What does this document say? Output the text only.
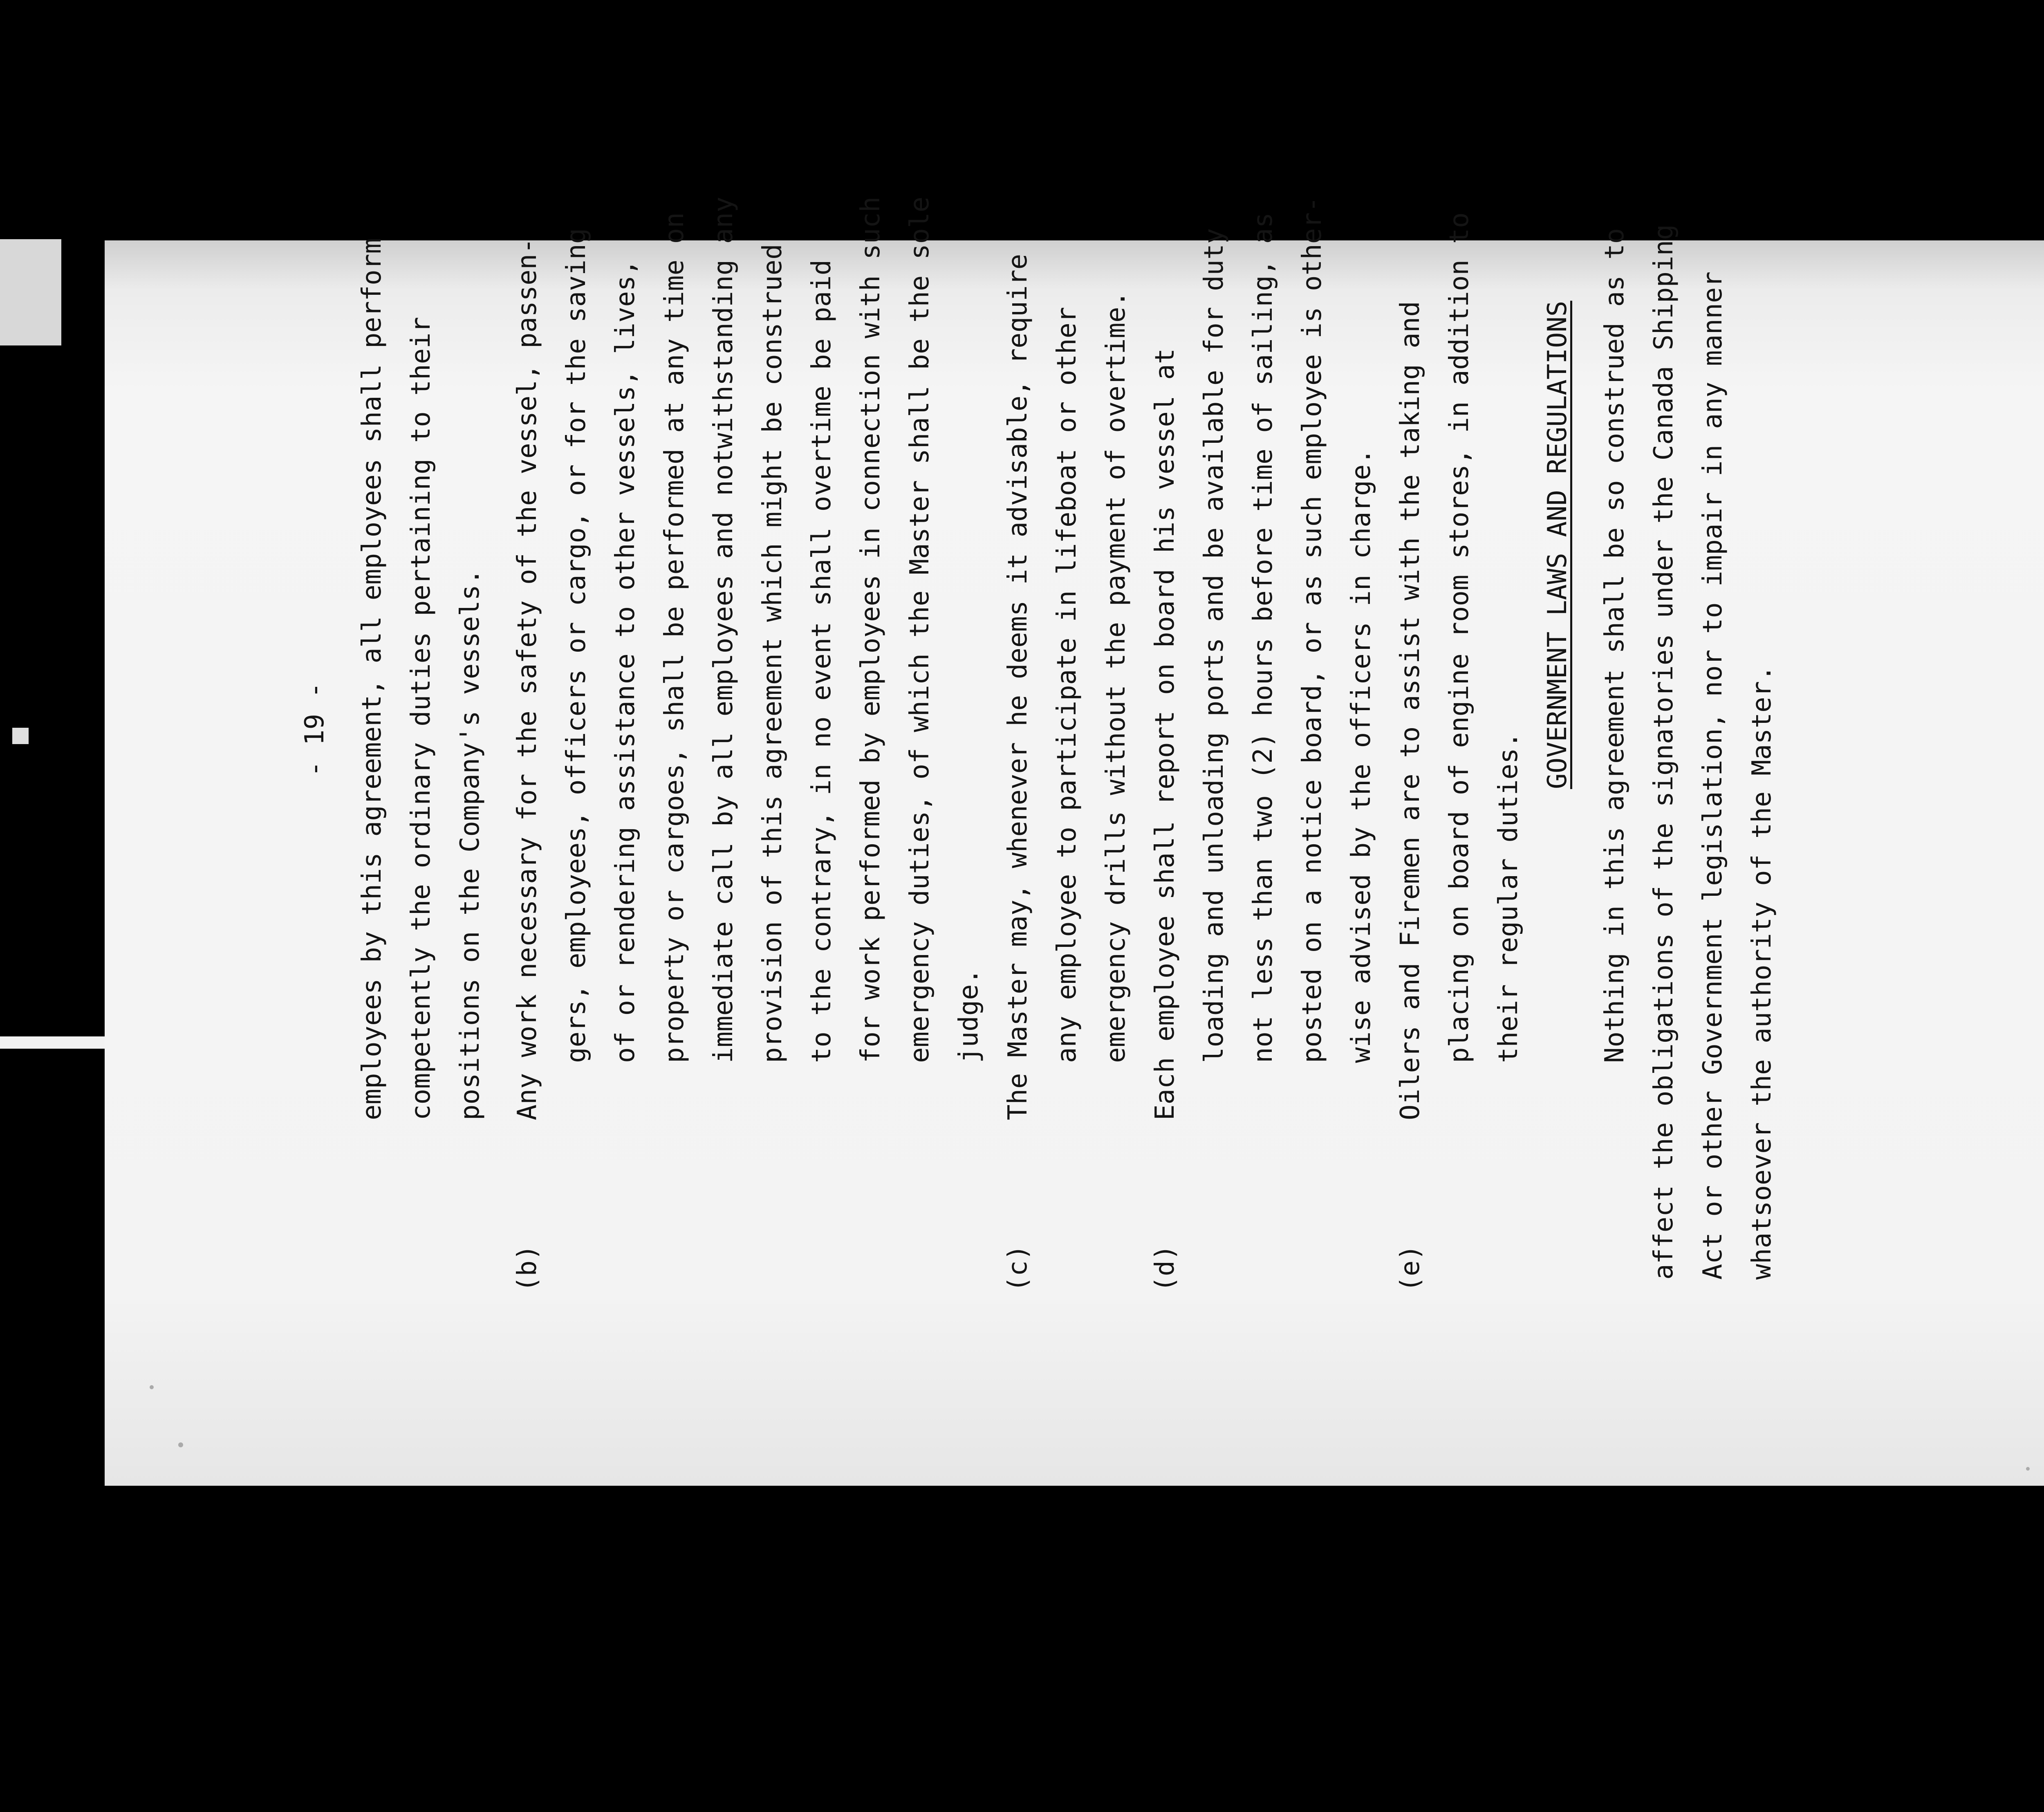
- 19 -

	employees by this agreement, all employees shall perform

competently the ordinary duties pertaining to their

positions on the Company's vessels.

(b)

Any work necessary for the safety of the vessel, passen-

gers, employees, officers or cargo, or for the saving

of or rendering assistance to other vessels, lives,

property or cargoes, shall be performed at any time on

immediate call by all employees and notwithstanding any

provision of this agreement which might be construed

to the contrary, in no event shall overtime be paid

for work performed by employees in connection with such

emergency duties, of which the Master shall be the sole

judge.

(c)

The Master may, whenever he deems it advisable, require

any employee to participate in lifeboat or other

emergency drills without the payment of overtime.

(d)

Each employee shall report on board his vessel at

loading and unloading ports and be available for duty

not less than two (2) hours before time of sailing, as

posted on a notice board, or as such employee is other-

wise advised by the officers in charge.

(e)

Oilers and Firemen are to assist with the taking and

placing on board of engine room stores, in addition to

their regular duties.

GOVERNMENT LAWS AND REGULATIONS

	Nothing in this agreement shall be so construed as to

affect the obligations of the signatories under the Canada Shipping

Act or other Government legislation, nor to impair in any manner

whatsoever the authority of the Master.
